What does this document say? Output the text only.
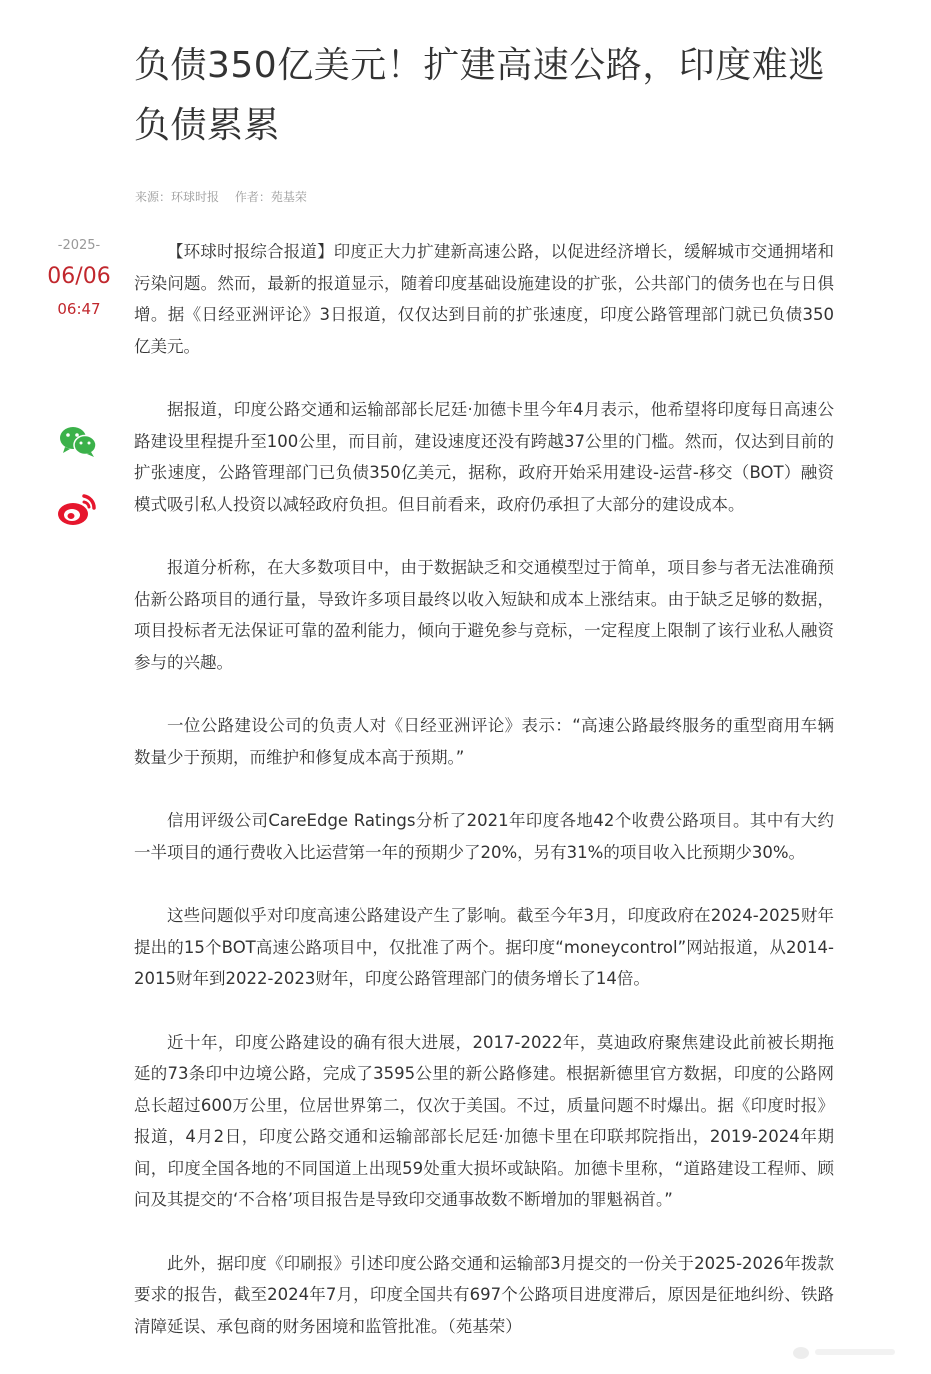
负债350亿美元！扩建高速公路，印度难逃负债累累
来源：环球时报 作者：苑基荣
-2025-
06/06
06:47

【环球时报综合报道】印度正大力扩建新高速公路，以促进经济增长，缓解城市交通拥堵和污染问题。然而，最新的报道显示，随着印度基础设施建设的扩张，公共部门的债务也在与日俱增。据《日经亚洲评论》3日报道，仅仅达到目前的扩张速度，印度公路管理部门就已负债350亿美元。

据报道，印度公路交通和运输部部长尼廷·加德卡里今年4月表示，他希望将印度每日高速公路建设里程提升至100公里，而目前，建设速度还没有跨越37公里的门槛。然而，仅达到目前的扩张速度，公路管理部门已负债350亿美元，据称，政府开始采用建设-运营-移交（BOT）融资模式吸引私人投资以减轻政府负担。但目前看来，政府仍承担了大部分的建设成本。

报道分析称，在大多数项目中，由于数据缺乏和交通模型过于简单，项目参与者无法准确预估新公路项目的通行量，导致许多项目最终以收入短缺和成本上涨结束。由于缺乏足够的数据，项目投标者无法保证可靠的盈利能力，倾向于避免参与竞标，一定程度上限制了该行业私人融资参与的兴趣。

一位公路建设公司的负责人对《日经亚洲评论》表示：“高速公路最终服务的重型商用车辆数量少于预期，而维护和修复成本高于预期。”

信用评级公司CareEdge Ratings分析了2021年印度各地42个收费公路项目。其中有大约一半项目的通行费收入比运营第一年的预期少了20%，另有31%的项目收入比预期少30%。

这些问题似乎对印度高速公路建设产生了影响。截至今年3月，印度政府在2024-2025财年提出的15个BOT高速公路项目中，仅批准了两个。据印度“moneycontrol”网站报道，从2014-2015财年到2022-2023财年，印度公路管理部门的债务增长了14倍。

近十年，印度公路建设的确有很大进展，2017-2022年，莫迪政府聚焦建设此前被长期拖延的73条印中边境公路，完成了3595公里的新公路修建。根据新德里官方数据，印度的公路网总长超过600万公里，位居世界第二，仅次于美国。不过，质量问题不时爆出。据《印度时报》报道，4月2日，印度公路交通和运输部部长尼廷·加德卡里在印联邦院指出，2019-2024年期间，印度全国各地的不同国道上出现59处重大损坏或缺陷。加德卡里称，“道路建设工程师、顾问及其提交的‘不合格’项目报告是导致印交通事故数不断增加的罪魁祸首。”

此外，据印度《印刷报》引述印度公路交通和运输部3月提交的一份关于2025-2026年拨款要求的报告，截至2024年7月，印度全国共有697个公路项目进度滞后，原因是征地纠纷、铁路清障延误、承包商的财务困境和监管批准。（苑基荣）
